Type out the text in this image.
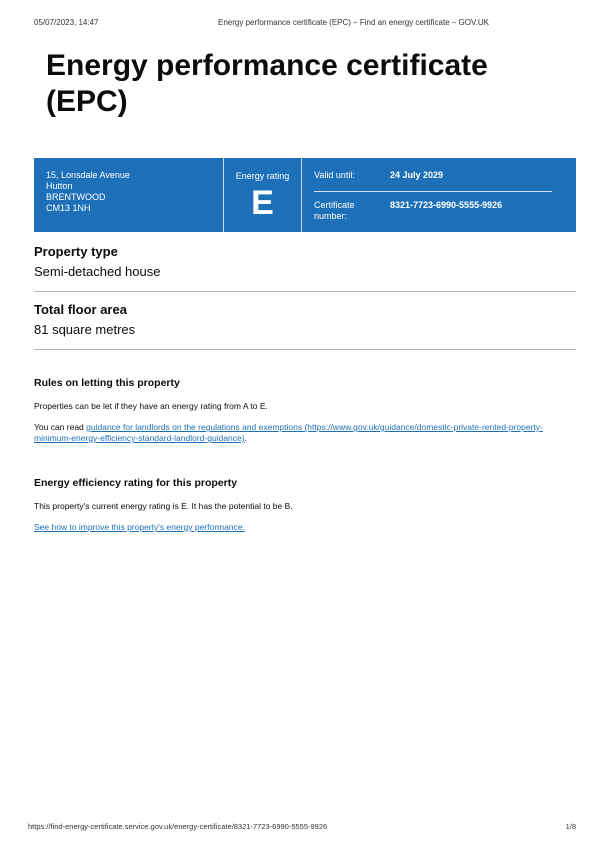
05/07/2023, 14:47	Energy performance certificate (EPC) – Find an energy certificate – GOV.UK
Energy performance certificate (EPC)
15, Lonsdale Avenue
Hutton
BRENTWOOD
CM13 1NH
Energy rating
E
Valid until:	24 July 2029
Certificate number:
8321-7723-6990-5555-9926
Property type
Semi-detached house
Total floor area
81 square metres
Rules on letting this property

Properties can be let if they have an energy rating from A to E.

You can read guidance for landlords on the regulations and exemptions (https://www.gov.uk/guidance/domestic-private-rented-property-minimum-energy-efficiency-standard-landlord-guidance).

Energy efficiency rating for this property

This property's current energy rating is E. It has the potential to be B.

See how to improve this property's energy performance.

https://find-energy-certificate.service.gov.uk/energy-certificate/8321-7723-6990-5555-9926	1/8
